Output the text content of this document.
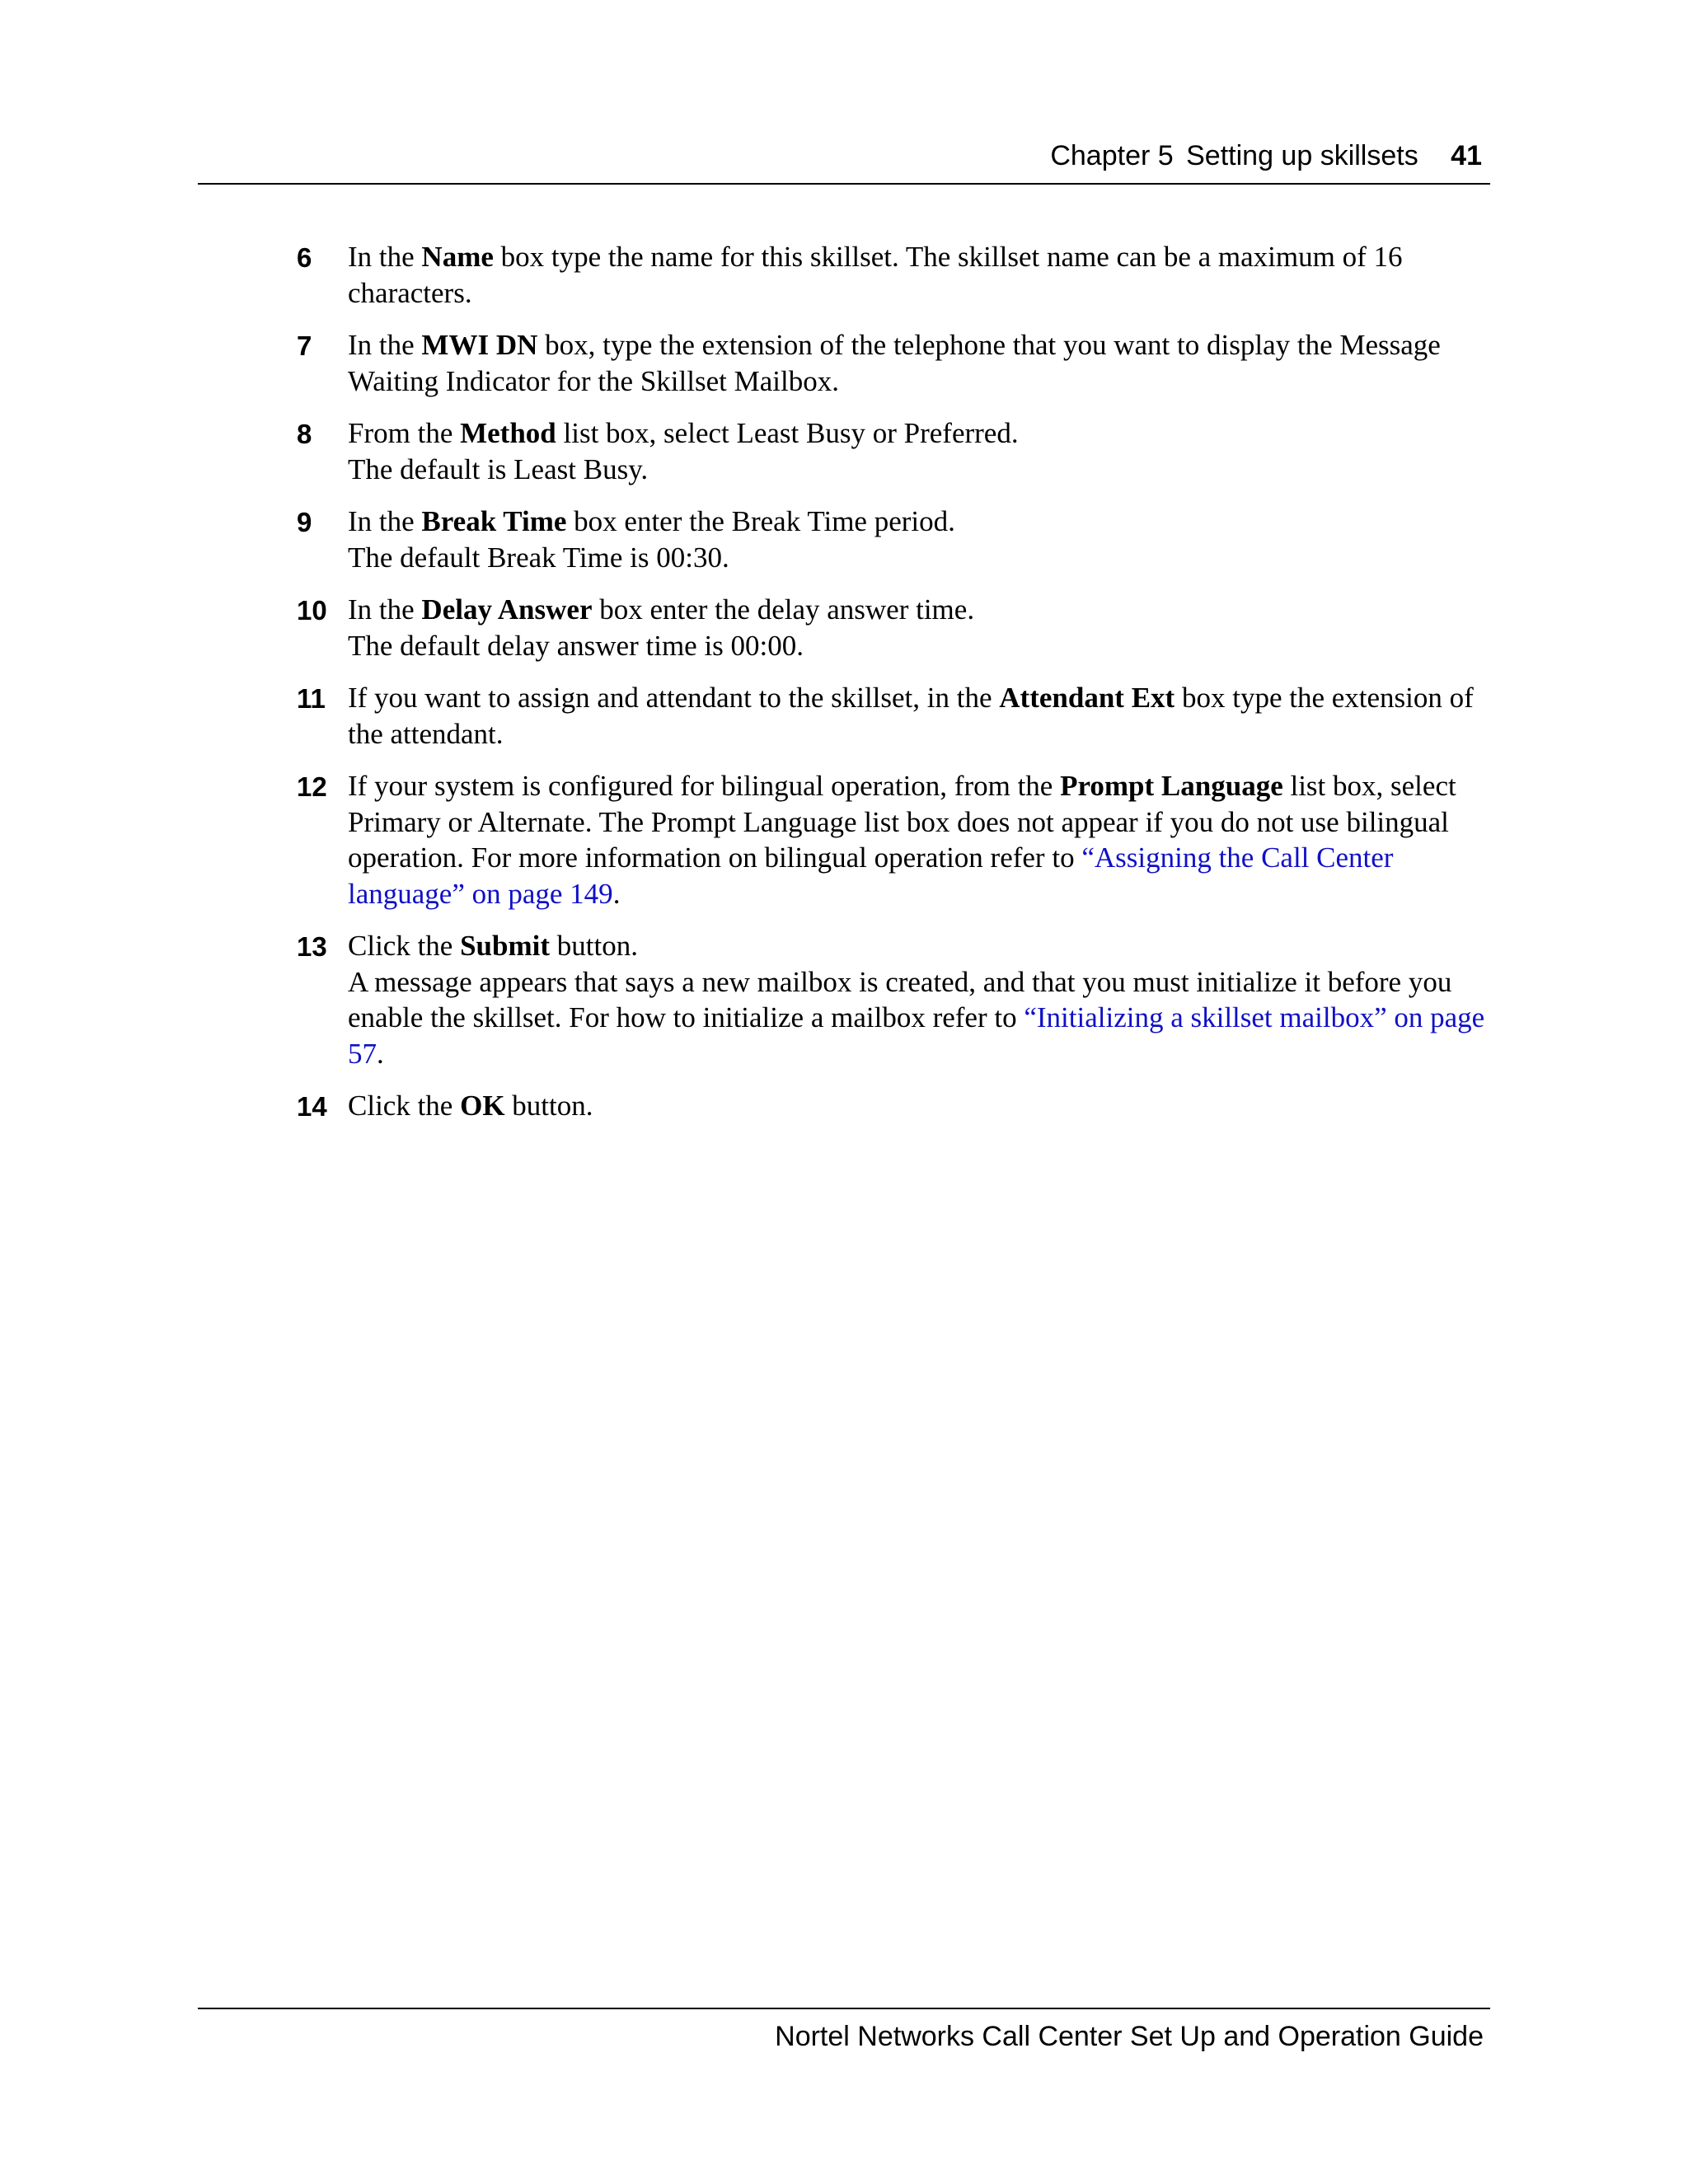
Chapter 5 Setting up skillsets 41
6 In the Name box type the name for this skillset. The skillset name can be a maximum of 16 characters.

7 In the MWI DN box, type the extension of the telephone that you want to display the Message Waiting Indicator for the Skillset Mailbox.

8 From the Method list box, select Least Busy or Preferred.

The default is Least Busy.

9 In the Break Time box enter the Break Time period.

The default Break Time is 00:30.

10 In the Delay Answer box enter the delay answer time.

The default delay answer time is 00:00.

11 If you want to assign and attendant to the skillset, in the Attendant Ext box type the extension of the attendant.

12 If your system is configured for bilingual operation, from the Prompt Language list box, select Primary or Alternate. The Prompt Language list box does not appear if you do not use bilingual operation. For more information on bilingual operation refer to “Assigning the Call Center language” on page 149.

13 Click the Submit button.

A message appears that says a new mailbox is created, and that you must initialize it before you enable the skillset. For how to initialize a mailbox refer to “Initializing a skillset mailbox” on page 57.

14 Click the OK button.

Nortel Networks Call Center Set Up and Operation Guide
